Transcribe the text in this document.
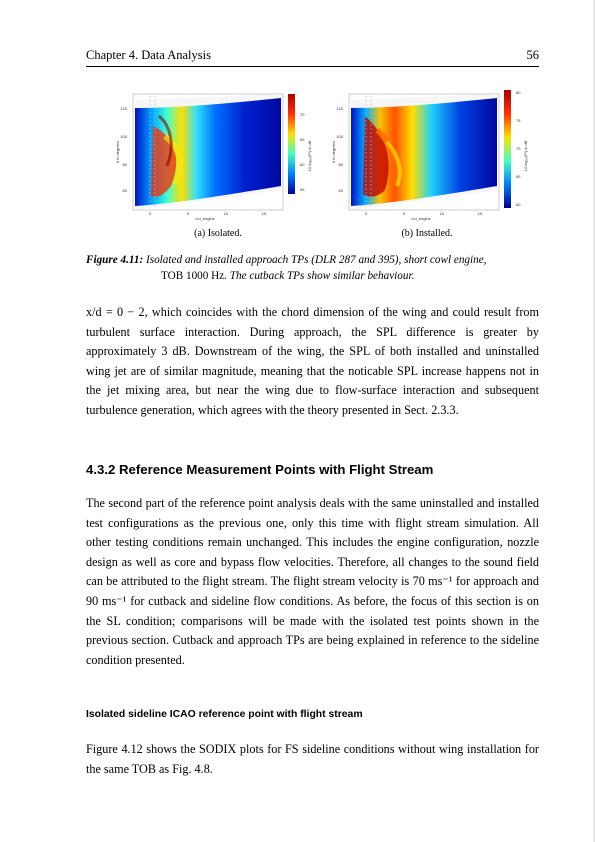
Chapter 4. Data Analysis	56
70
65
60
55
10 log₁₀(P²) in dB
120
100
80
60
θ in degrees
0	5	10	15
x/d_engine
(a) Isolated.
80
75
70
65
60
10 log₁₀(P²) in dB
120
100
80
60
θ in degrees
0	5	10	15
x/d_engine
(b) Installed.
Figure 4.11: Isolated and installed approach TPs (DLR 287 and 395), short cowl engine,
TOB 1000 Hz. The cutback TPs show similar behaviour.

x/d = 0 − 2, which coincides with the chord dimension of the wing and could result from turbulent surface interaction. During approach, the SPL difference is greater by approximately 3 dB. Downstream of the wing, the SPL of both installed and uninstalled wing jet are of similar magnitude, meaning that the noticable SPL increase happens not in the jet mixing area, but near the wing due to flow-surface interaction and subsequent turbulence generation, which agrees with the theory presented in Sect. 2.3.3.

4.3.2 Reference Measurement Points with Flight Stream

The second part of the reference point analysis deals with the same uninstalled and installed test configurations as the previous one, only this time with flight stream simulation. All other testing conditions remain unchanged. This includes the engine configuration, nozzle design as well as core and bypass flow velocities. Therefore, all changes to the sound field can be attributed to the flight stream. The flight stream velocity is 70 ms⁻¹ for approach and 90 ms⁻¹ for cutback and sideline flow conditions. As before, the focus of this section is on the SL condition; comparisons will be made with the isolated test points shown in the previous section. Cutback and approach TPs are being explained in reference to the sideline condition presented.

Isolated sideline ICAO reference point with flight stream

Figure 4.12 shows the SODIX plots for FS sideline conditions without wing installation for the same TOB as Fig. 4.8.
